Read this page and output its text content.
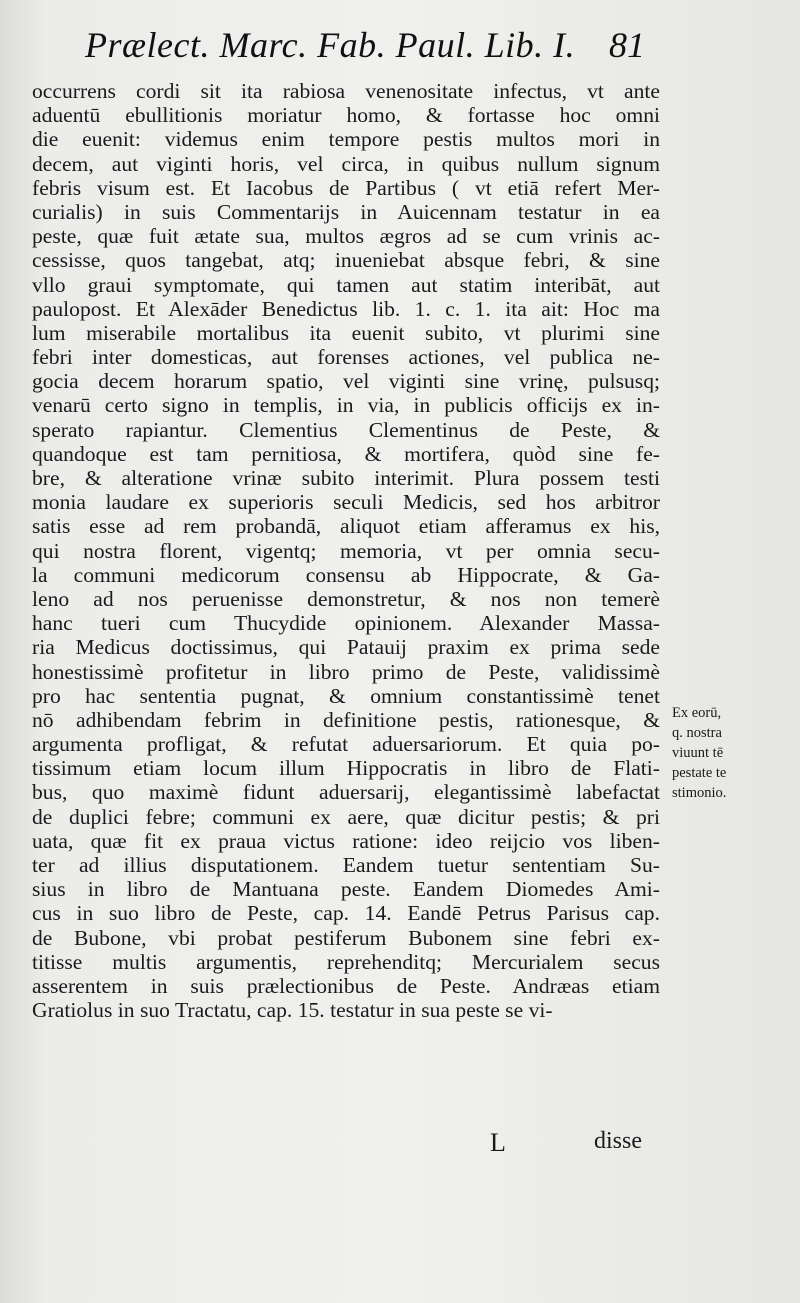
Prælect. Marc. Fab. Paul. Lib. I. 81
occurrens cordi sit ita rabiosa venenositate infectus, vt ante
aduentū ebullitionis moriatur homo, & fortasse hoc omni
die euenit: videmus enim tempore pestis multos mori in
decem, aut viginti horis, vel circa, in quibus nullum signum
febris visum est. Et Iacobus de Partibus ( vt etiā refert Mer-
curialis) in suis Commentarijs in Auicennam testatur in ea
peste, quæ fuit ætate sua, multos ægros ad se cum vrinis ac-
cessisse, quos tangebat, atq; inueniebat absque febri, & sine
vllo graui symptomate, qui tamen aut statim interibāt, aut
paulopost. Et Alexāder Benedictus lib. 1. c. 1. ita ait: Hoc ma
lum miserabile mortalibus ita euenit subito, vt plurimi sine
febri inter domesticas, aut forenses actiones, vel publica ne-
gocia decem horarum spatio, vel viginti sine vrinę, pulsusq;
venarū certo signo in templis, in via, in publicis officijs ex in-
sperato rapiantur. Clementius Clementinus de Peste, &
quandoque est tam pernitiosa, & mortifera, quòd sine fe-
bre, & alteratione vrinæ subito interimit. Plura possem testi
monia laudare ex superioris seculi Medicis, sed hos arbitror
satis esse ad rem probandā, aliquot etiam afferamus ex his,
qui nostra florent, vigentq; memoria, vt per omnia secu-
la communi medicorum consensu ab Hippocrate, & Ga-
leno ad nos peruenisse demonstretur, & nos non temerè
hanc tueri cum Thucydide opinionem. Alexander Massa-
ria Medicus doctissimus, qui Patauij praxim ex prima sede
honestissimè profitetur in libro primo de Peste, validissimè
pro hac sententia pugnat, & omnium constantissimè tenet
nō adhibendam febrim in definitione pestis, rationesque, &
argumenta profligat, & refutat aduersariorum. Et quia po-
tissimum etiam locum illum Hippocratis in libro de Flati-
bus, quo maximè fidunt aduersarij, elegantissimè labefactat
de duplici febre; communi ex aere, quæ dicitur pestis; & pri
uata, quæ fit ex praua victus ratione: ideo reijcio vos liben-
ter ad illius disputationem. Eandem tuetur sententiam Su-
sius in libro de Mantuana peste. Eandem Diomedes Ami-
cus in suo libro de Peste, cap. 14. Eandē Petrus Parisus cap.
de Bubone, vbi probat pestiferum Bubonem sine febri ex-
titisse multis argumentis, reprehenditq; Mercurialem secus
asserentem in suis prælectionibus de Peste. Andræas etiam
Gratiolus in suo Tractatu, cap. 15. testatur in sua peste se vi-
Ex eorū,
q. nostra
viuunt tē
pestate te
stimonio.
L	disse
